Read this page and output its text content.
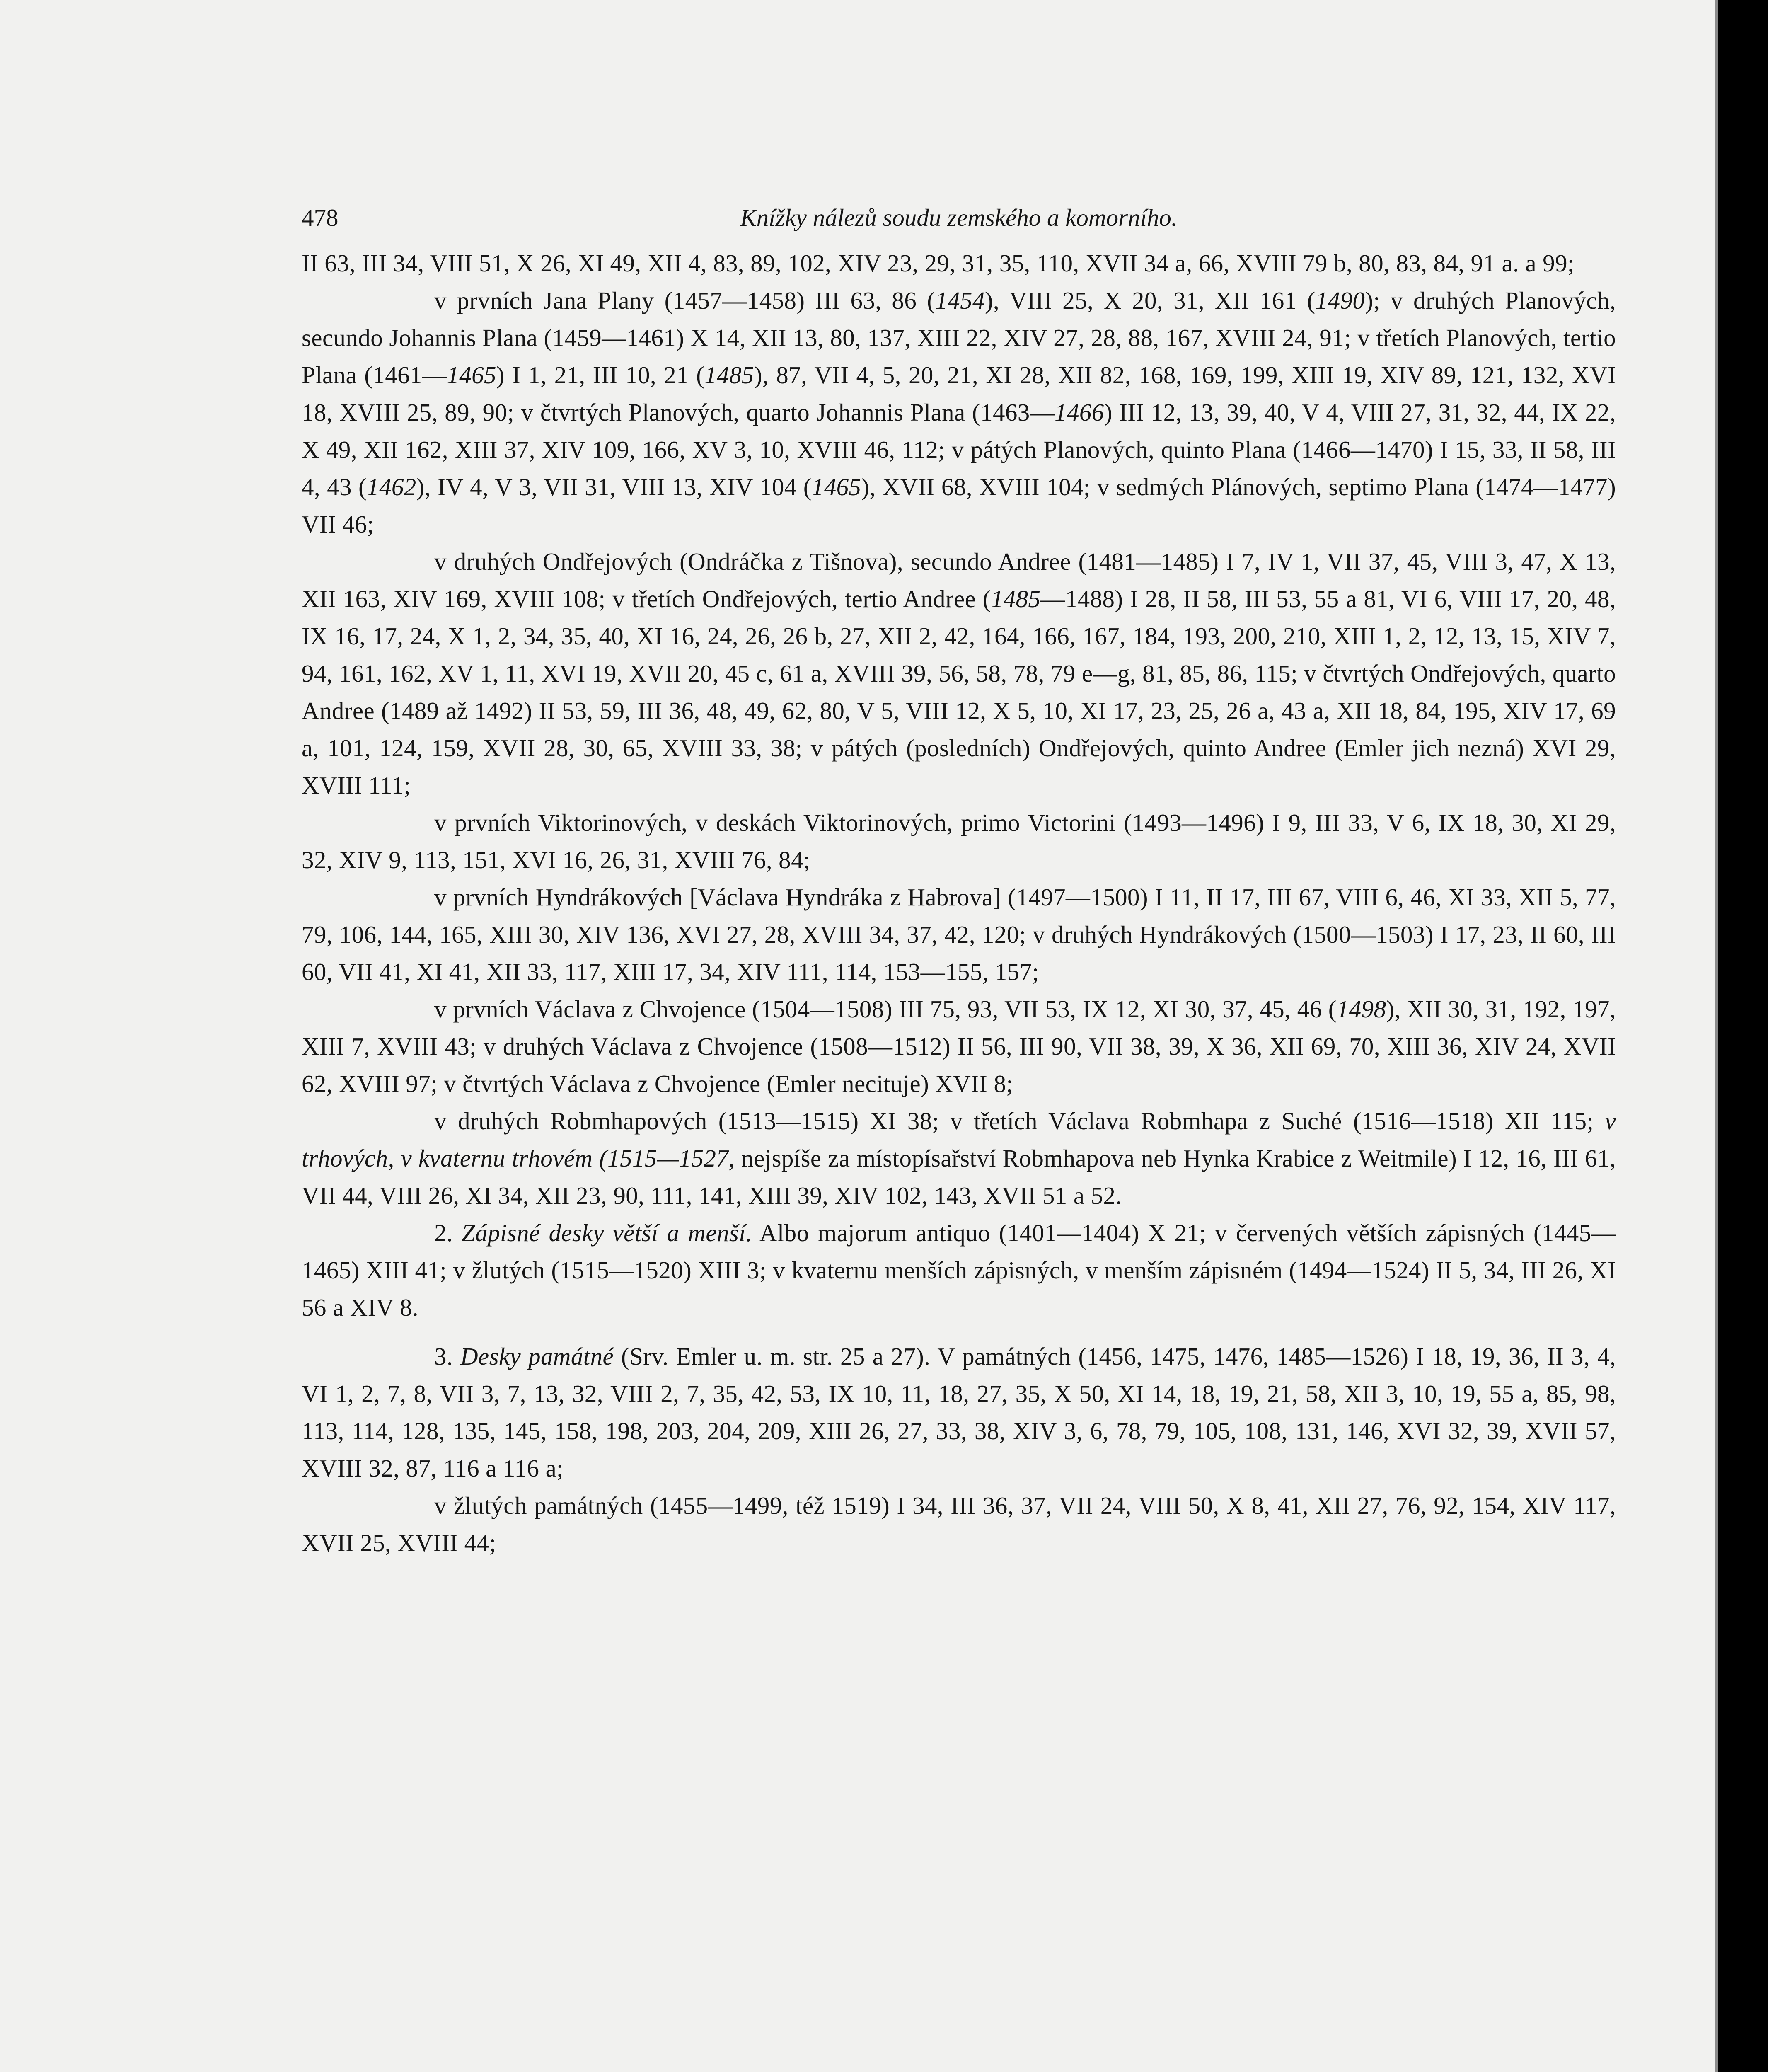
478	Knížky nálezů soudu zemského a komorního.

II 63, III 34, VIII 51, X 26, XI 49, XII 4, 83, 89, 102, XIV 23, 29, 31, 35, 110, XVII 34 a, 66, XVIII 79 b, 80, 83, 84, 91 a. a 99;

v prvních Jana Plany (1457—1458) III 63, 86 (1454), VIII 25, X 20, 31, XII 161 (1490); v druhých Planových, secundo Johannis Plana (1459—1461) X 14, XII 13, 80, 137, XIII 22, XIV 27, 28, 88, 167, XVIII 24, 91; v třetích Planových, tertio Plana (1461—1465) I 1, 21, III 10, 21 (1485), 87, VII 4, 5, 20, 21, XI 28, XII 82, 168, 169, 199, XIII 19, XIV 89, 121, 132, XVI 18, XVIII 25, 89, 90; v čtvrtých Planových, quarto Johannis Plana (1463—1466) III 12, 13, 39, 40, V 4, VIII 27, 31, 32, 44, IX 22, X 49, XII 162, XIII 37, XIV 109, 166, XV 3, 10, XVIII 46, 112; v pátých Planových, quinto Plana (1466—1470) I 15, 33, II 58, III 4, 43 (1462), IV 4, V 3, VII 31, VIII 13, XIV 104 (1465), XVII 68, XVIII 104; v sedmých Plánových, septimo Plana (1474—1477) VII 46;

v druhých Ondřejových (Ondráčka z Tišnova), secundo Andree (1481—1485) I 7, IV 1, VII 37, 45, VIII 3, 47, X 13, XII 163, XIV 169, XVIII 108; v třetích Ondřejových, tertio Andree (1485—1488) I 28, II 58, III 53, 55 a 81, VI 6, VIII 17, 20, 48, IX 16, 17, 24, X 1, 2, 34, 35, 40, XI 16, 24, 26, 26 b, 27, XII 2, 42, 164, 166, 167, 184, 193, 200, 210, XIII 1, 2, 12, 13, 15, XIV 7, 94, 161, 162, XV 1, 11, XVI 19, XVII 20, 45 c, 61 a, XVIII 39, 56, 58, 78, 79 e—g, 81, 85, 86, 115; v čtvrtých Ondřejových, quarto Andree (1489 až 1492) II 53, 59, III 36, 48, 49, 62, 80, V 5, VIII 12, X 5, 10, XI 17, 23, 25, 26 a, 43 a, XII 18, 84, 195, XIV 17, 69 a, 101, 124, 159, XVII 28, 30, 65, XVIII 33, 38; v pátých (posledních) Ondřejových, quinto Andree (Emler jich nezná) XVI 29, XVIII 111;

v prvních Viktorinových, v deskách Viktorinových, primo Victorini (1493—1496) I 9, III 33, V 6, IX 18, 30, XI 29, 32, XIV 9, 113, 151, XVI 16, 26, 31, XVIII 76, 84;

v prvních Hyndrákových [Václava Hyndráka z Habrova] (1497—1500) I 11, II 17, III 67, VIII 6, 46, XI 33, XII 5, 77, 79, 106, 144, 165, XIII 30, XIV 136, XVI 27, 28, XVIII 34, 37, 42, 120; v druhých Hyndrákových (1500—1503) I 17, 23, II 60, III 60, VII 41, XI 41, XII 33, 117, XIII 17, 34, XIV 111, 114, 153—155, 157;

v prvních Václava z Chvojence (1504—1508) III 75, 93, VII 53, IX 12, XI 30, 37, 45, 46 (1498), XII 30, 31, 192, 197, XIII 7, XVIII 43; v druhých Václava z Chvojence (1508—1512) II 56, III 90, VII 38, 39, X 36, XII 69, 70, XIII 36, XIV 24, XVII 62, XVIII 97; v čtvrtých Václava z Chvojence (Emler necituje) XVII 8;

v druhých Robmhapových (1513—1515) XI 38; v třetích Václava Robmhapa z Suché (1516—1518) XII 115; v trhových, v kvaternu trhovém (1515—1527, nejspíše za místopísařství Robmhapova neb Hynka Krabice z Weitmile) I 12, 16, III 61, VII 44, VIII 26, XI 34, XII 23, 90, 111, 141, XIII 39, XIV 102, 143, XVII 51 a 52.

2. Zápisné desky větší a menší. Albo majorum antiquo (1401—1404) X 21; v červených větších zápisných (1445—1465) XIII 41; v žlutých (1515—1520) XIII 3; v kvaternu menších zápisných, v menším zápisném (1494—1524) II 5, 34, III 26, XI 56 a XIV 8.

3. Desky památné (Srv. Emler u. m. str. 25 a 27). V památných (1456, 1475, 1476, 1485—1526) I 18, 19, 36, II 3, 4, VI 1, 2, 7, 8, VII 3, 7, 13, 32, VIII 2, 7, 35, 42, 53, IX 10, 11, 18, 27, 35, X 50, XI 14, 18, 19, 21, 58, XII 3, 10, 19, 55 a, 85, 98, 113, 114, 128, 135, 145, 158, 198, 203, 204, 209, XIII 26, 27, 33, 38, XIV 3, 6, 78, 79, 105, 108, 131, 146, XVI 32, 39, XVII 57, XVIII 32, 87, 116 a 116 a;

v žlutých památných (1455—1499, též 1519) I 34, III 36, 37, VII 24, VIII 50, X 8, 41, XII 27, 76, 92, 154, XIV 117, XVII 25, XVIII 44;
